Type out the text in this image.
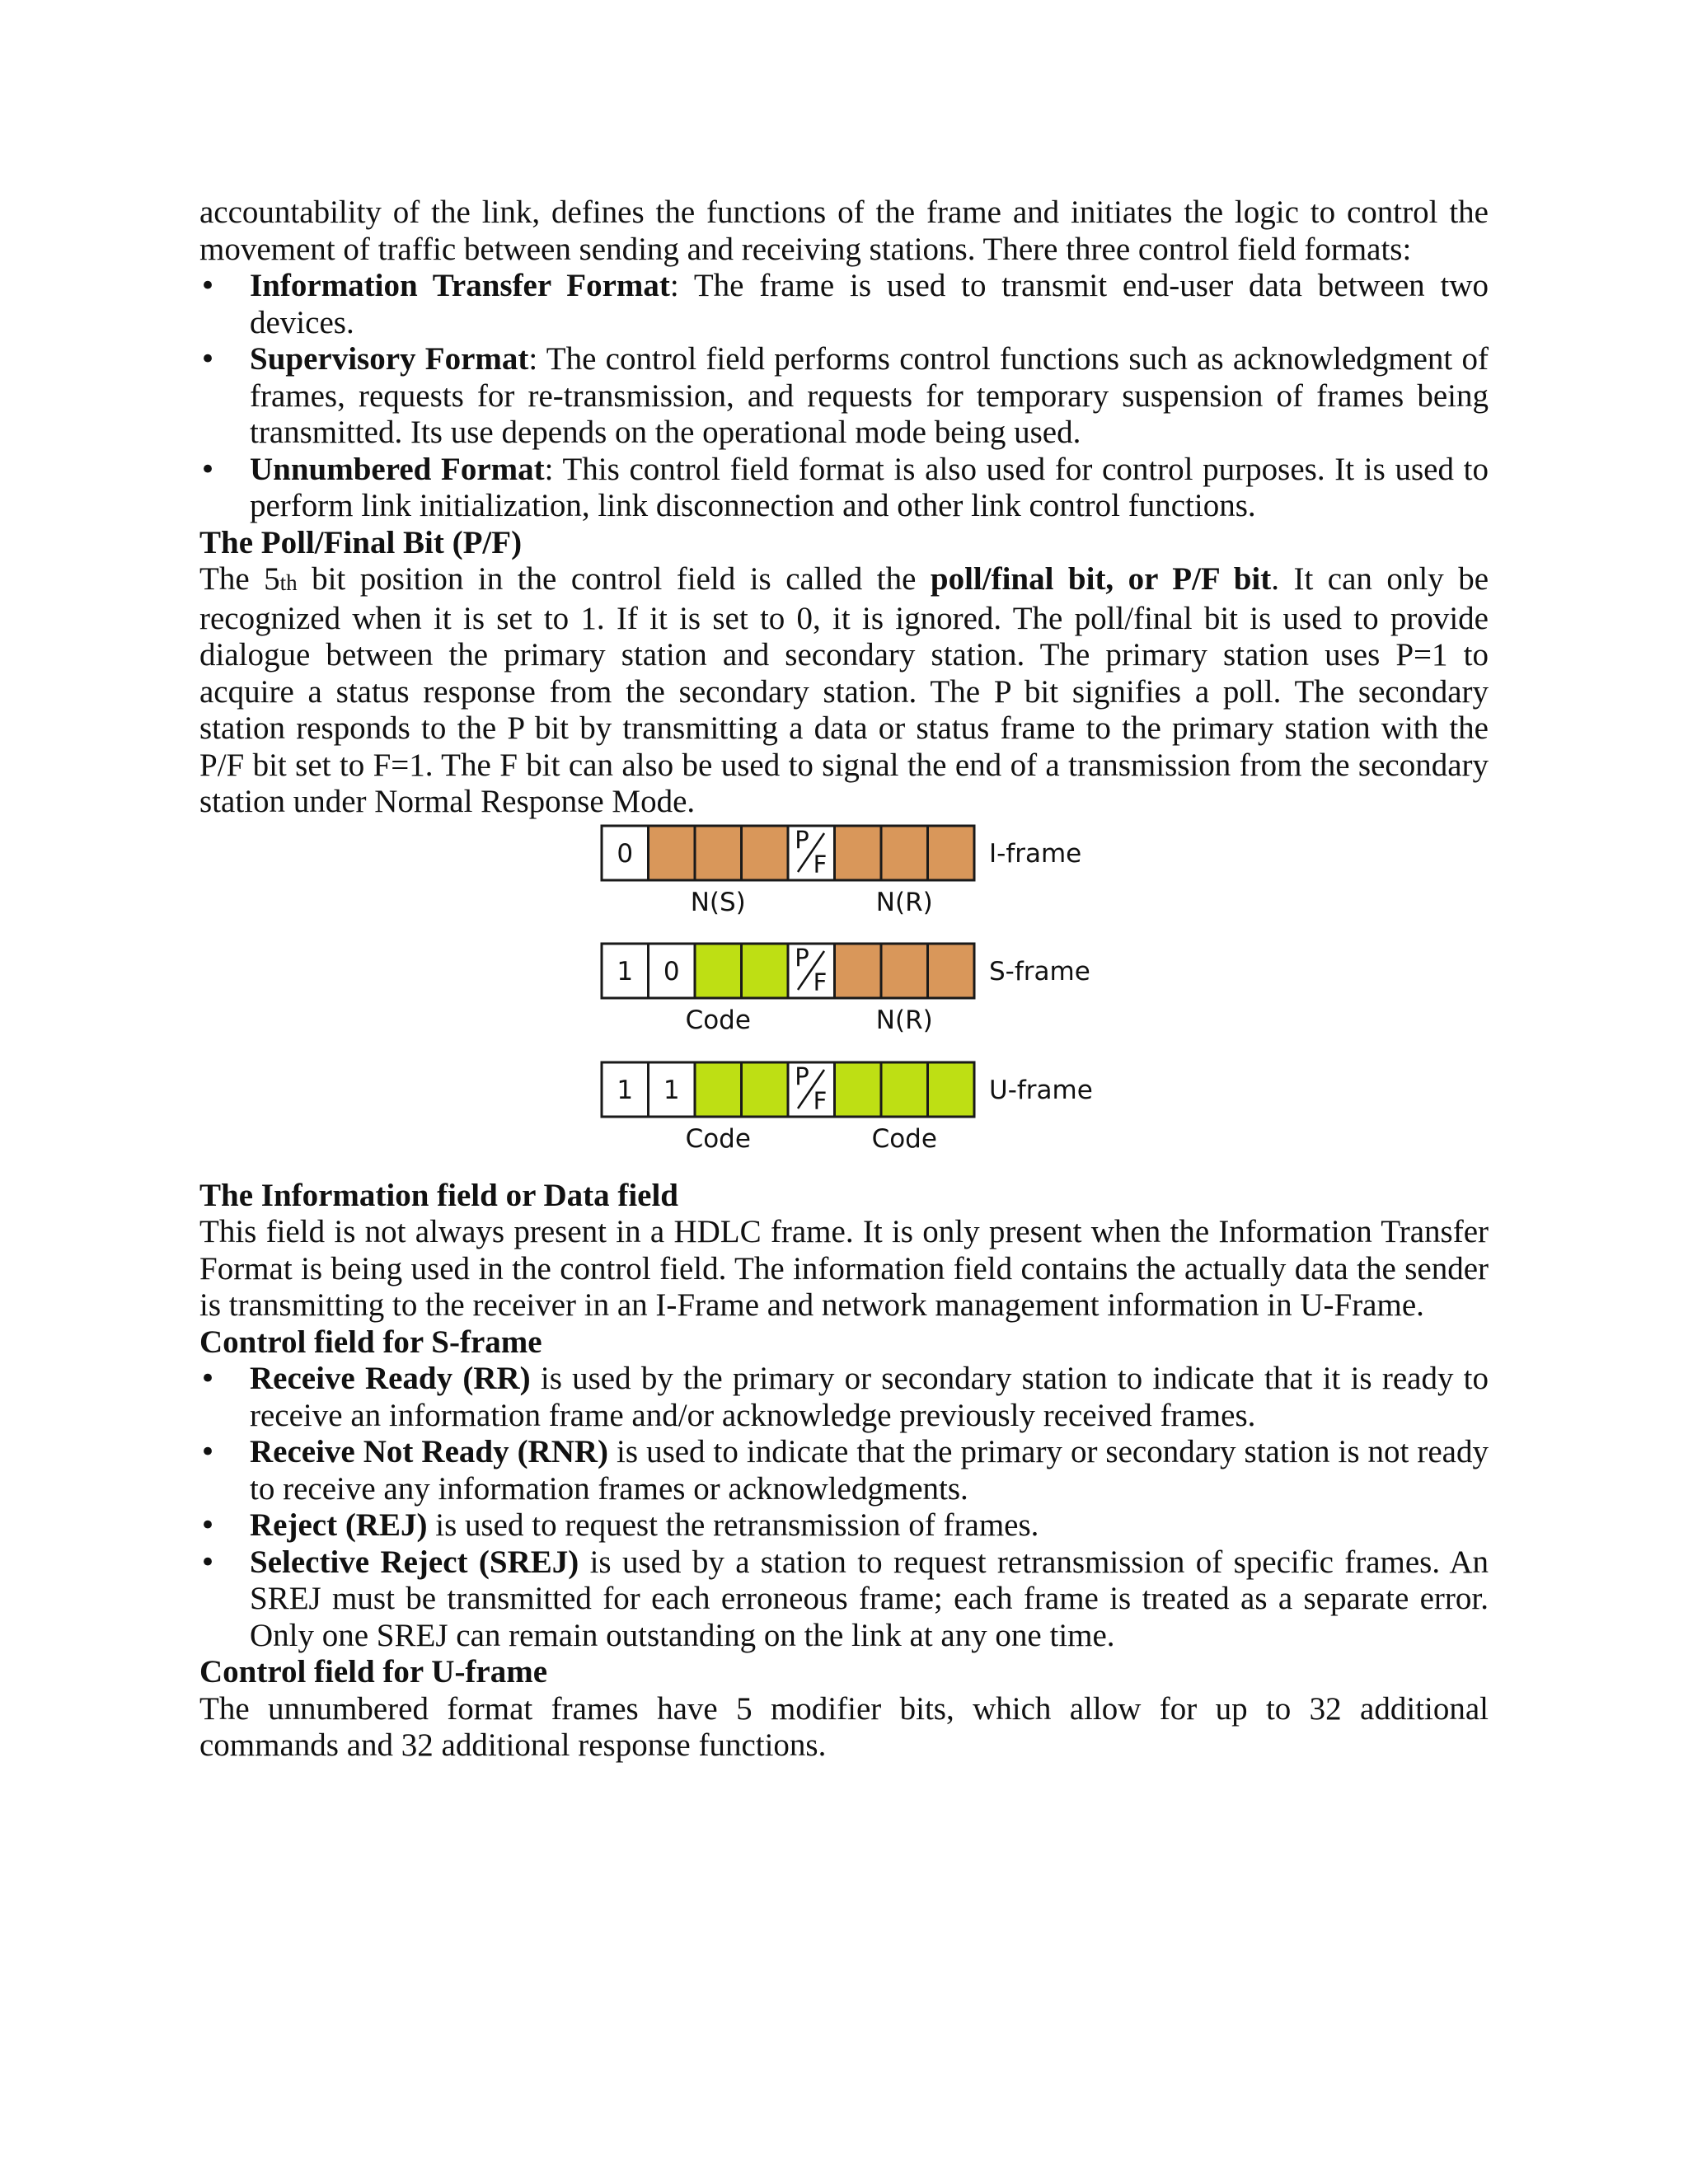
accountability of the link, defines the functions of the frame and initiates the logic to control the movement of traffic between sending and receiving stations. There three control field formats:

• Information Transfer Format: The frame is used to transmit end-user data between two devices.
• Supervisory Format: The control field performs control functions such as acknowledgment of frames, requests for re-transmission, and requests for temporary suspension of frames being transmitted. Its use depends on the operational mode being used.
• Unnumbered Format: This control field format is also used for control purposes. It is used to perform link initialization, link disconnection and other link control functions.
The Poll/Final Bit (P/F)

The $5_{th}$ bit position in the control field is called the poll/final bit, or P/F bit. It can only be recognized when it is set to 1. If it is set to 0, it is ignored. The poll/final bit is used to provide dialogue between the primary station and secondary station. The primary station uses P=1 to acquire a status response from the secondary station. The P bit signifies a poll. The secondary station responds to the P bit by transmitting a data or status frame to the primary station with the P/F bit set to F=1. The F bit can also be used to signal the end of a transmission from the secondary station under Normal Response Mode.

0	P
F	I-frame
N(S)	N(R)
1 0	P
F	S-frame
Code	N(R)
1 1	P
F	U-frame
Code	Code
The Information field or Data field

This field is not always present in a HDLC frame. It is only present when the Information Transfer Format is being used in the control field. The information field contains the actually data the sender is transmitting to the receiver in an I-Frame and network management information in U-Frame.

Control field for S-frame
• Receive Ready (RR) is used by the primary or secondary station to indicate that it is ready to receive an information frame and/or acknowledge previously received frames.
• Receive Not Ready (RNR) is used to indicate that the primary or secondary station is not ready to receive any information frames or acknowledgments.
• Reject (REJ) is used to request the retransmission of frames.
• Selective Reject (SREJ) is used by a station to request retransmission of specific frames. An SREJ must be transmitted for each erroneous frame; each frame is treated as a separate error. Only one SREJ can remain outstanding on the link at any one time.
Control field for U-frame

The unnumbered format frames have 5 modifier bits, which allow for up to 32 additional commands and 32 additional response functions.
